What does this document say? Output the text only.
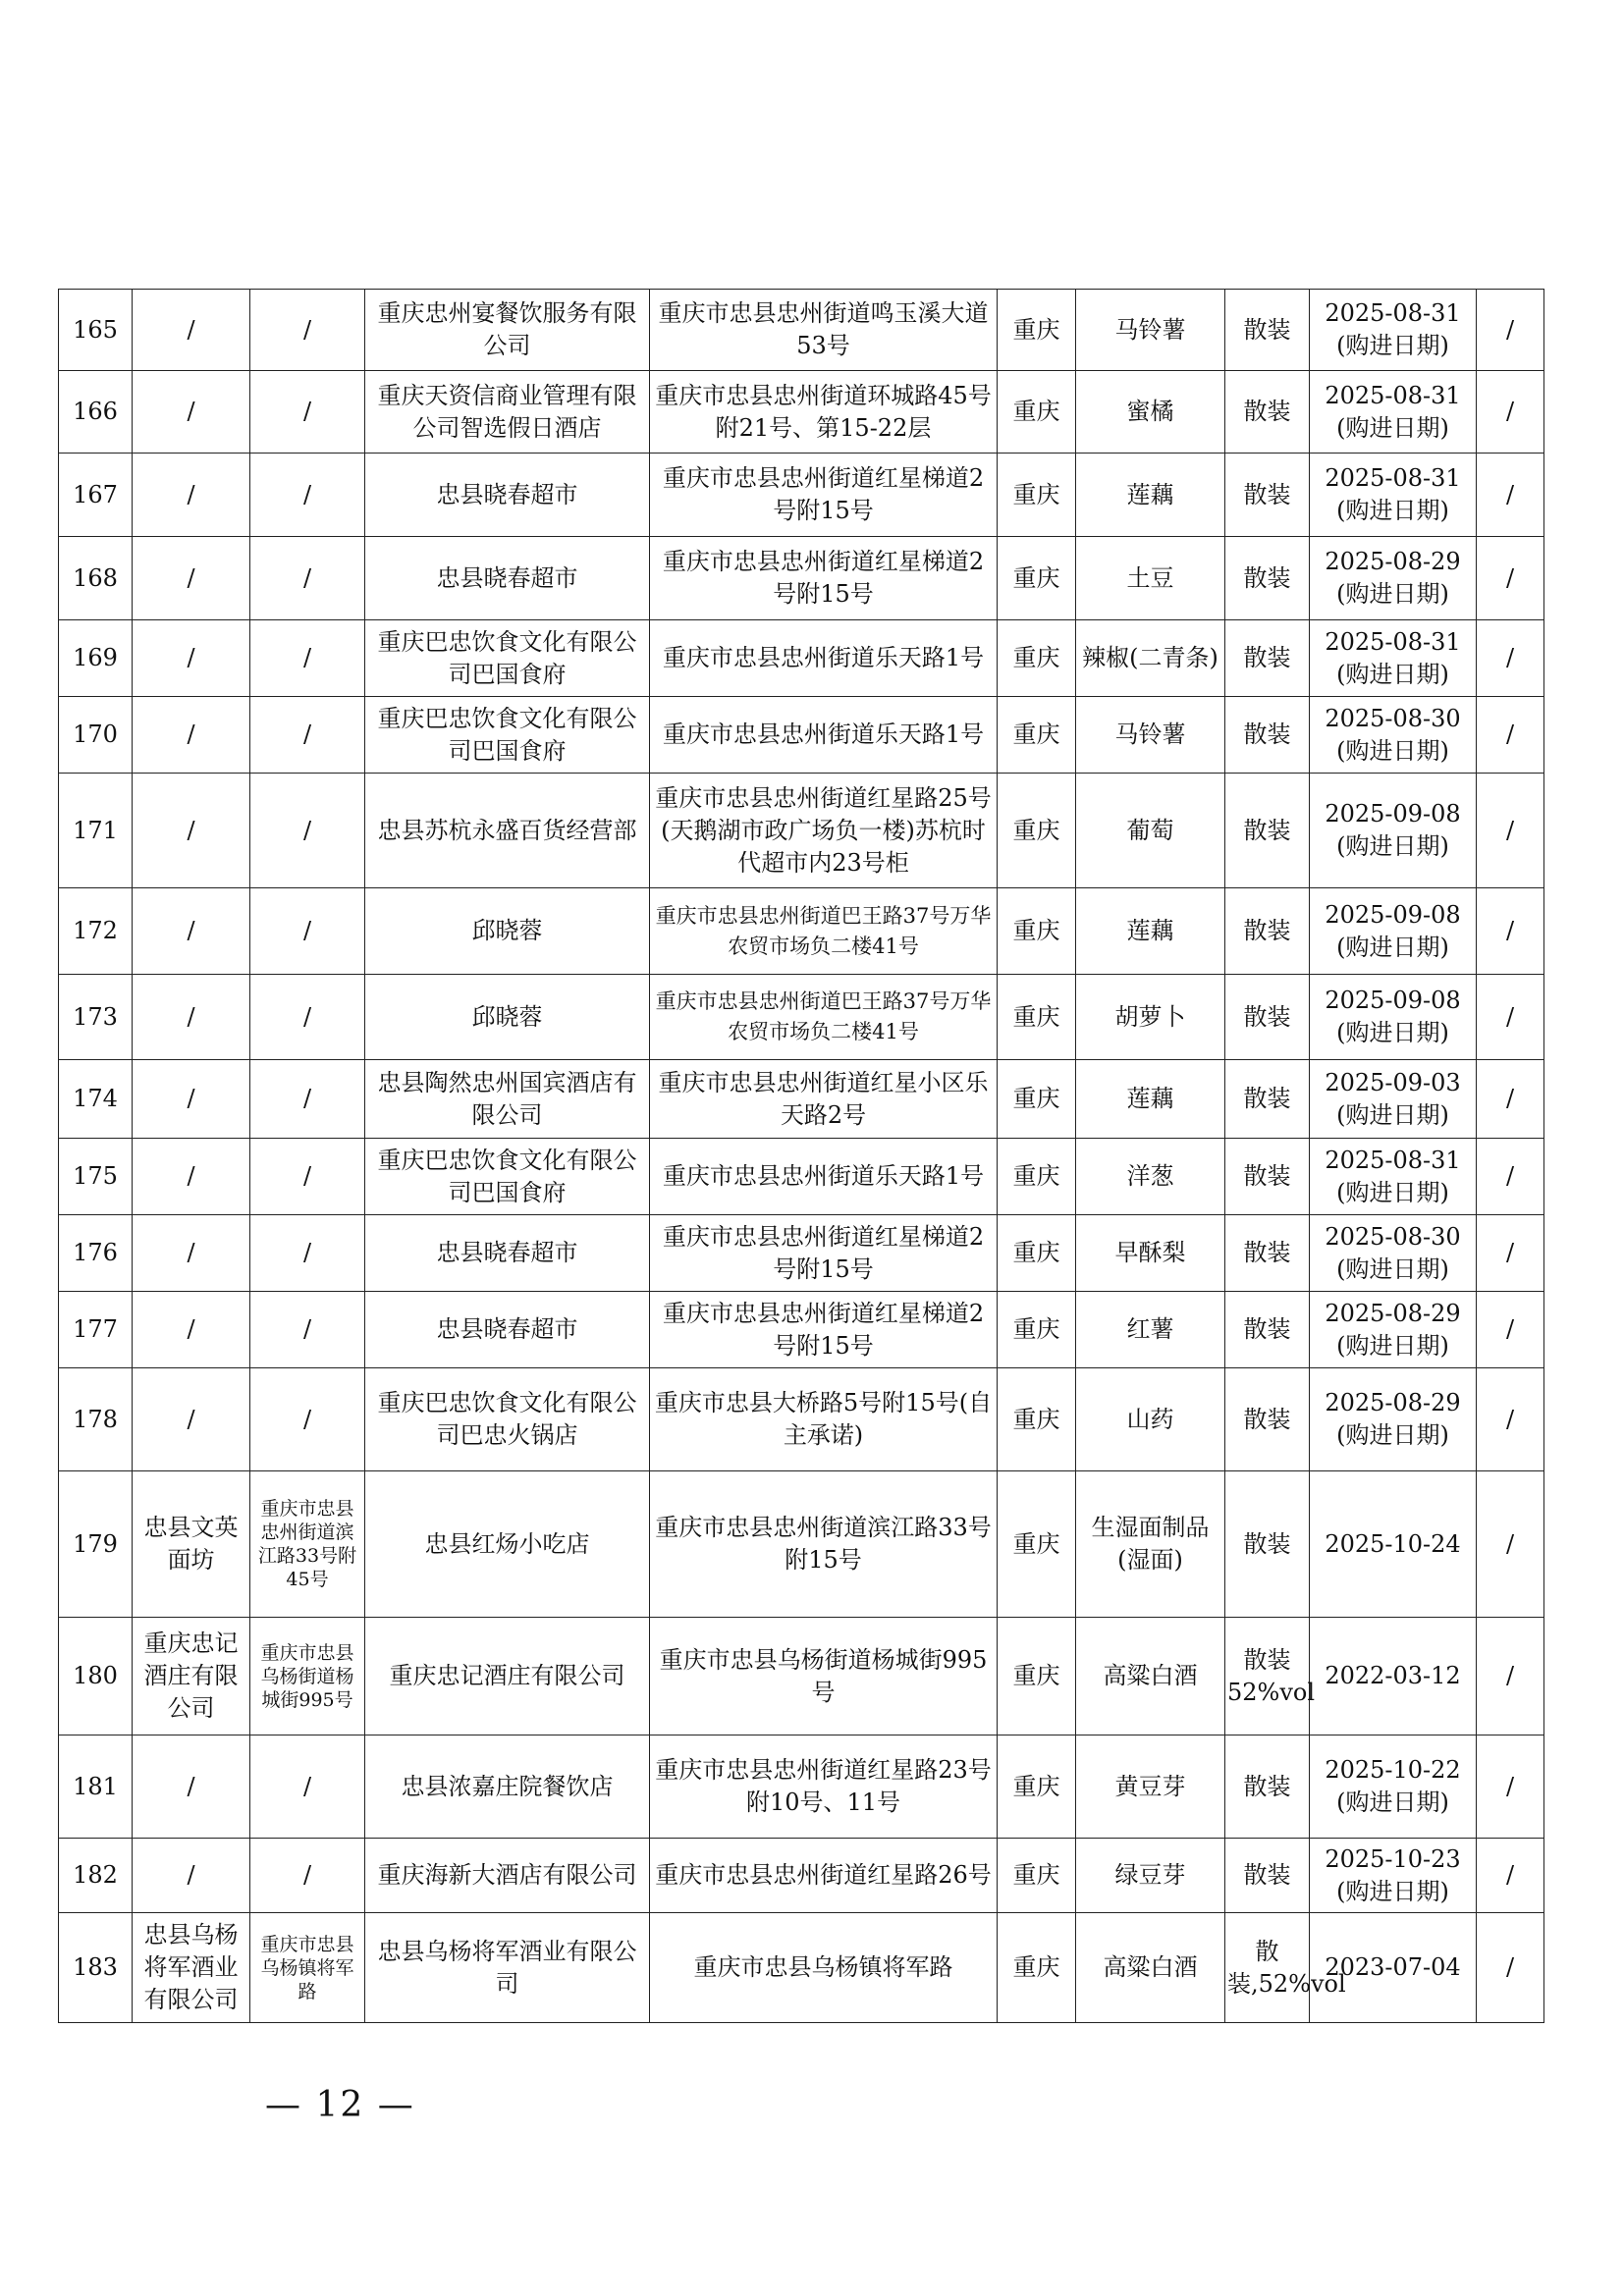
165	/	/	重庆忠州宴餐饮服务有限公司	重庆市忠县忠州街道鸣玉溪大道53号	重庆	马铃薯	散装	2025-08-31
(购进日期)	/
166	/	/	重庆天资信商业管理有限公司智选假日酒店	重庆市忠县忠州街道环城路45号附21号、第15-22层	重庆	蜜橘	散装	2025-08-31
(购进日期)	/
167	/	/	忠县晓春超市	重庆市忠县忠州街道红星梯道2号附15号	重庆	莲藕	散装	2025-08-31
(购进日期)	/
168	/	/	忠县晓春超市	重庆市忠县忠州街道红星梯道2号附15号	重庆	土豆	散装	2025-08-29
(购进日期)	/
169	/	/	重庆巴忠饮食文化有限公司巴国食府	重庆市忠县忠州街道乐天路1号	重庆	辣椒(二青条)	散装	2025-08-31
(购进日期)	/
170	/	/	重庆巴忠饮食文化有限公司巴国食府	重庆市忠县忠州街道乐天路1号	重庆	马铃薯	散装	2025-08-30
(购进日期)	/
171	/	/	忠县苏杭永盛百货经营部	重庆市忠县忠州街道红星路25号(天鹅湖市政广场负一楼)苏杭时代超市内23号柜	重庆	葡萄	散装	2025-09-08
(购进日期)	/
172	/	/	邱晓蓉	重庆市忠县忠州街道巴王路37号万华农贸市场负二楼41号	重庆	莲藕	散装	2025-09-08
(购进日期)	/
173	/	/	邱晓蓉	重庆市忠县忠州街道巴王路37号万华农贸市场负二楼41号	重庆	胡萝卜	散装	2025-09-08
(购进日期)	/
174	/	/	忠县陶然忠州国宾酒店有限公司	重庆市忠县忠州街道红星小区乐天路2号	重庆	莲藕	散装	2025-09-03
(购进日期)	/
175	/	/	重庆巴忠饮食文化有限公司巴国食府	重庆市忠县忠州街道乐天路1号	重庆	洋葱	散装	2025-08-31
(购进日期)	/
176	/	/	忠县晓春超市	重庆市忠县忠州街道红星梯道2号附15号	重庆	早酥梨	散装	2025-08-30
(购进日期)	/
177	/	/	忠县晓春超市	重庆市忠县忠州街道红星梯道2号附15号	重庆	红薯	散装	2025-08-29
(购进日期)	/
178	/	/	重庆巴忠饮食文化有限公司巴忠火锅店	重庆市忠县大桥路5号附15号(自主承诺)	重庆	山药	散装	2025-08-29
(购进日期)	/
179	忠县文英面坊	重庆市忠县忠州街道滨江路33号附45号	忠县红炀小吃店	重庆市忠县忠州街道滨江路33号附15号	重庆	生湿面制品(湿面)	散装	2025-10-24	/
180	重庆忠记酒庄有限公司	重庆市忠县乌杨街道杨城街995号	重庆忠记酒庄有限公司	重庆市忠县乌杨街道杨城街995号	重庆	高粱白酒	散装52%vol	2022-03-12	/
181	/	/	忠县浓嘉庄院餐饮店	重庆市忠县忠州街道红星路23号附10号、11号	重庆	黄豆芽	散装	2025-10-22
(购进日期)	/
182	/	/	重庆海新大酒店有限公司	重庆市忠县忠州街道红星路26号	重庆	绿豆芽	散装	2025-10-23
(购进日期)	/
183	忠县乌杨将军酒业有限公司	重庆市忠县乌杨镇将军路	忠县乌杨将军酒业有限公司	重庆市忠县乌杨镇将军路	重庆	高粱白酒	散装,52%vol	2023-07-04	/
— 12 —
